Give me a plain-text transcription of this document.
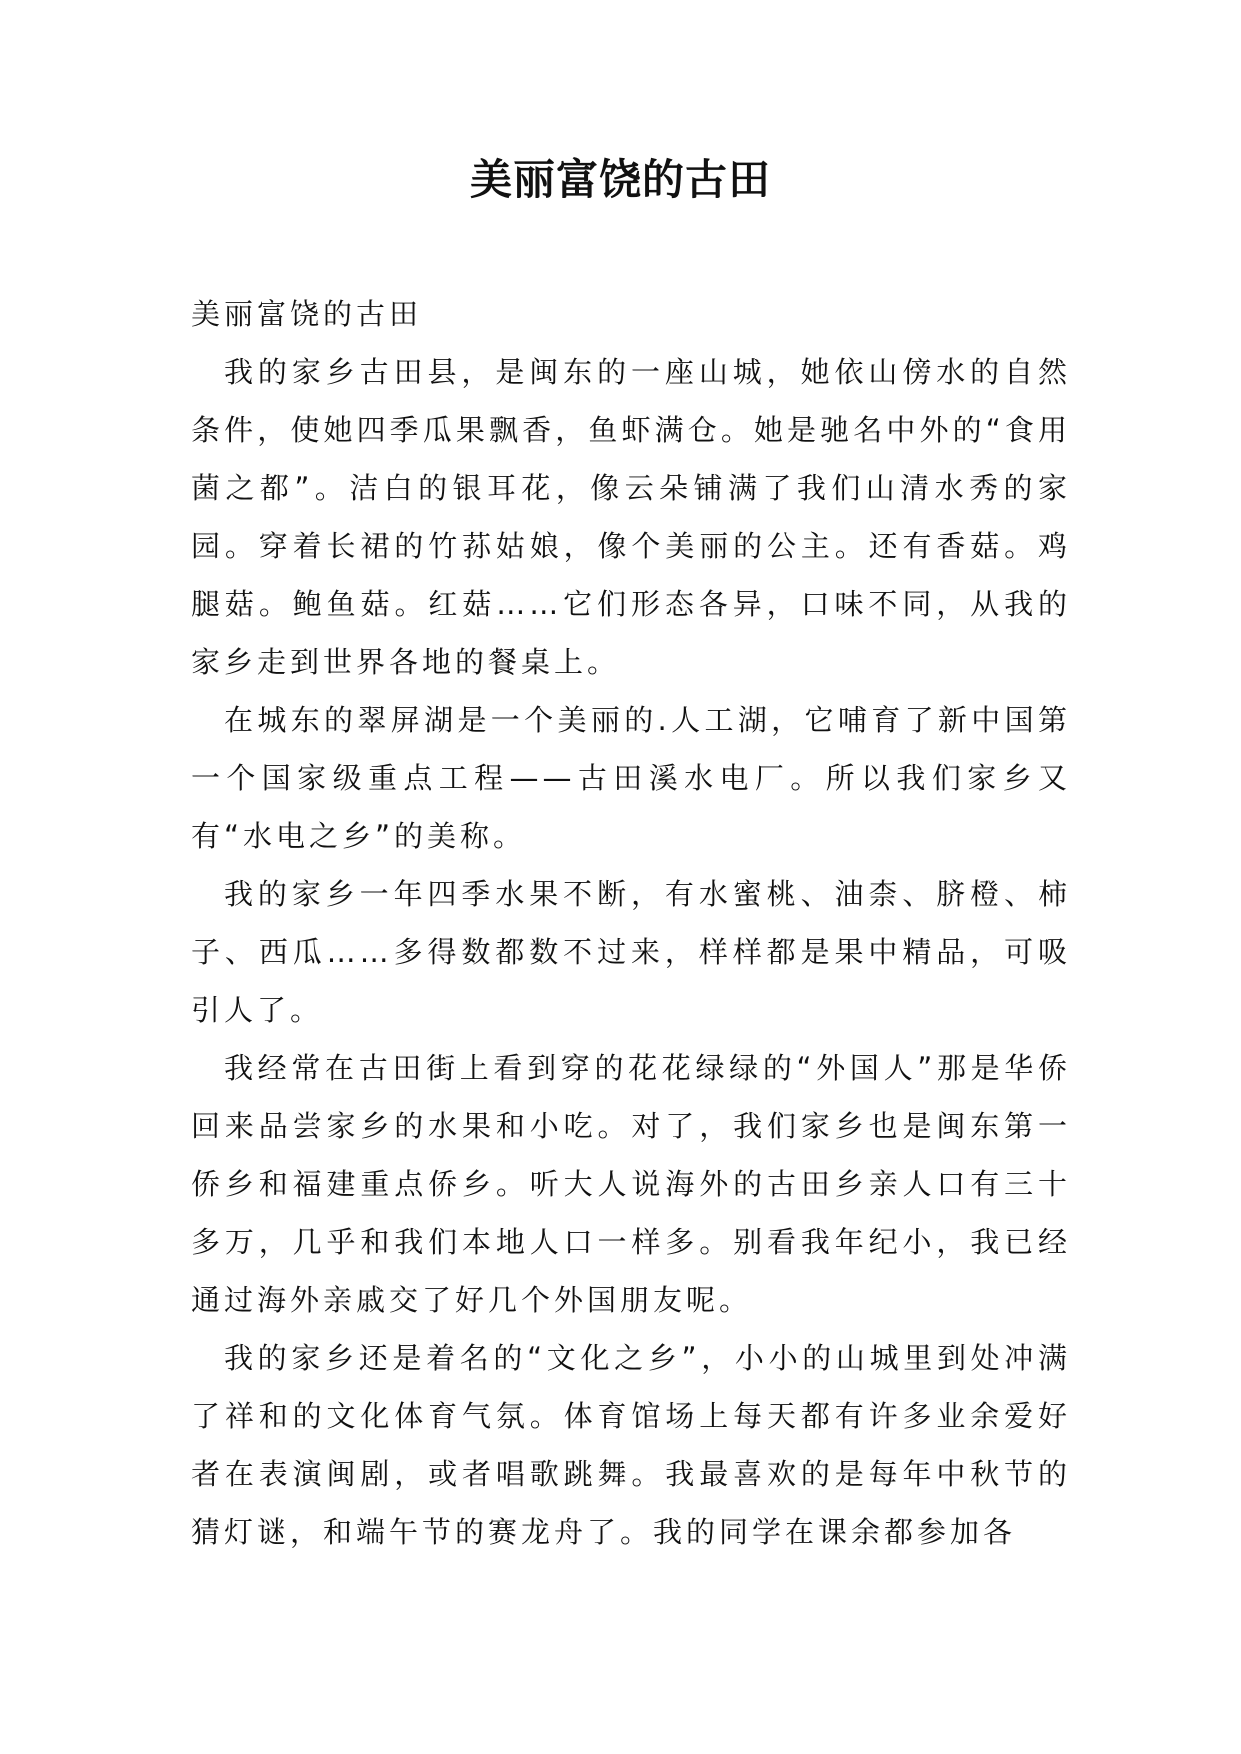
美丽富饶的古田

美丽富饶的古田

我的家乡古田县，是闽东的一座山城，她依山傍水的自然条件，使她四季瓜果飘香，鱼虾满仓。她是驰名中外的“食用菌之都”。洁白的银耳花，像云朵铺满了我们山清水秀的家园。穿着长裙的竹荪姑娘，像个美丽的公主。还有香菇。鸡腿菇。鲍鱼菇。红菇……它们形态各异，口味不同，从我的家乡走到世界各地的餐桌上。

在城东的翠屏湖是一个美丽的.人工湖，它哺育了新中国第一个国家级重点工程——古田溪水电厂。所以我们家乡又有“水电之乡”的美称。

我的家乡一年四季水果不断，有水蜜桃、油柰、脐橙、柿子、西瓜……多得数都数不过来，样样都是果中精品，可吸引人了。

我经常在古田街上看到穿的花花绿绿的“外国人”那是华侨回来品尝家乡的水果和小吃。对了，我们家乡也是闽东第一侨乡和福建重点侨乡。听大人说海外的古田乡亲人口有三十多万，几乎和我们本地人口一样多。别看我年纪小，我已经通过海外亲戚交了好几个外国朋友呢。

我的家乡还是着名的“文化之乡”，小小的山城里到处冲满了祥和的文化体育气氛。体育馆场上每天都有许多业余爱好者在表演闽剧，或者唱歌跳舞。我最喜欢的是每年中秋节的猜灯谜，和端午节的赛龙舟了。我的同学在课余都参加各
